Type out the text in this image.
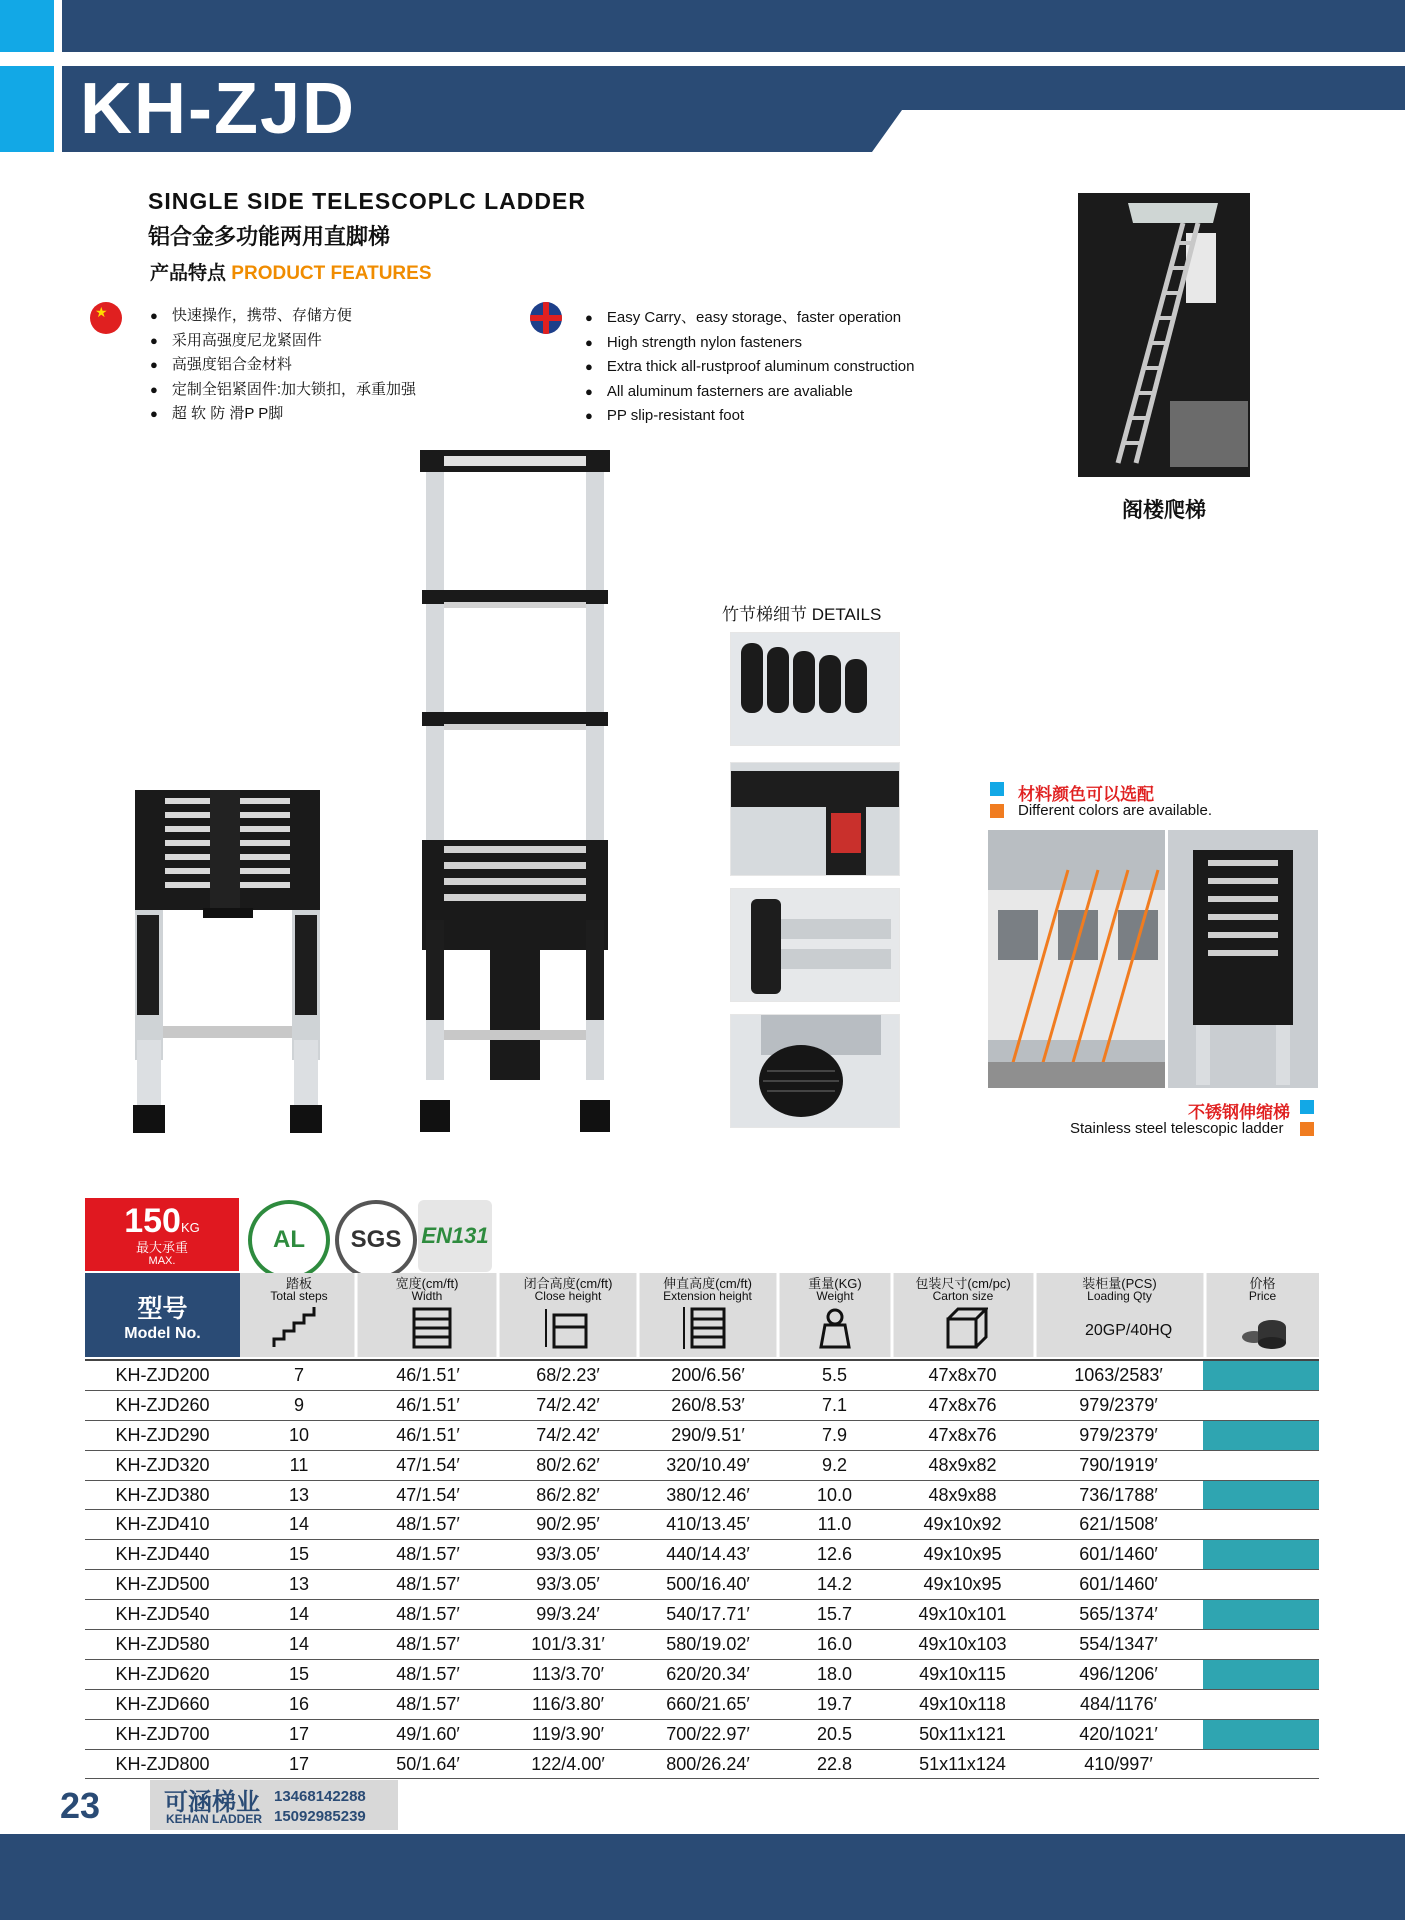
KH-ZJD
SINGLE SIDE TELESCOPLC LADDER
铝合金多功能两用直脚梯
产品特点 PRODUCT FEATURES
★
● 快速操作，携带、存储方便
● 采用高强度尼龙紧固件
● 高强度铝合金材料
● 定制全铝紧固件:加大锁扣，承重加强
● 超 软 防 滑P P脚
● Easy Carry、easy storage、faster operation
● High strength nylon fasteners
● Extra thick all-rustproof aluminum construction
● All aluminum fasterners are avaliable
● PP slip-resistant foot
阁楼爬梯
竹节梯细节 DETAILS
材料颜色可以选配
Different colors are available.
不锈钢伸缩梯
Stainless steel telescopic ladder
150KG
最大承重
MAX.
AL	SGS EN131
型号
Model No.
踏板
Total steps
宽度(cm/ft)
Width
闭合高度(cm/ft)
Close height
伸直高度(cm/ft)
Extension height
重量(KG)
Weight
包装尺寸(cm/pc)
Carton size
装柜量(PCS)
Loading Qty
价格
Price
20GP/40HQ
KH-ZJD200	7	46/1.51′	68/2.23′	200/6.56′	5.5	47x8x70	1063/2583′	
KH-ZJD260	9	46/1.51′	74/2.42′	260/8.53′	7.1	47x8x76	979/2379′	
KH-ZJD290	10	46/1.51′	74/2.42′	290/9.51′	7.9	47x8x76	979/2379′	
KH-ZJD320	11	47/1.54′	80/2.62′	320/10.49′	9.2	48x9x82	790/1919′	
KH-ZJD380	13	47/1.54′	86/2.82′	380/12.46′	10.0	48x9x88	736/1788′	
KH-ZJD410	14	48/1.57′	90/2.95′	410/13.45′	11.0	49x10x92	621/1508′	
KH-ZJD440	15	48/1.57′	93/3.05′	440/14.43′	12.6	49x10x95	601/1460′	
KH-ZJD500	13	48/1.57′	93/3.05′	500/16.40′	14.2	49x10x95	601/1460′	
KH-ZJD540	14	48/1.57′	99/3.24′	540/17.71′	15.7	49x10x101	565/1374′	
KH-ZJD580	14	48/1.57′	101/3.31′	580/19.02′	16.0	49x10x103	554/1347′	
KH-ZJD620	15	48/1.57′	113/3.70′	620/20.34′	18.0	49x10x115	496/1206′	
KH-ZJD660	16	48/1.57′	116/3.80′	660/21.65′	19.7	49x10x118	484/1176′	
KH-ZJD700	17	49/1.60′	119/3.90′	700/22.97′	20.5	50x11x121	420/1021′	
KH-ZJD800	17	50/1.64′	122/4.00′	800/26.24′	22.8	51x11x124	410/997′	
23	可涵梯业
KEHAN LADDER
13468142288
15092985239
